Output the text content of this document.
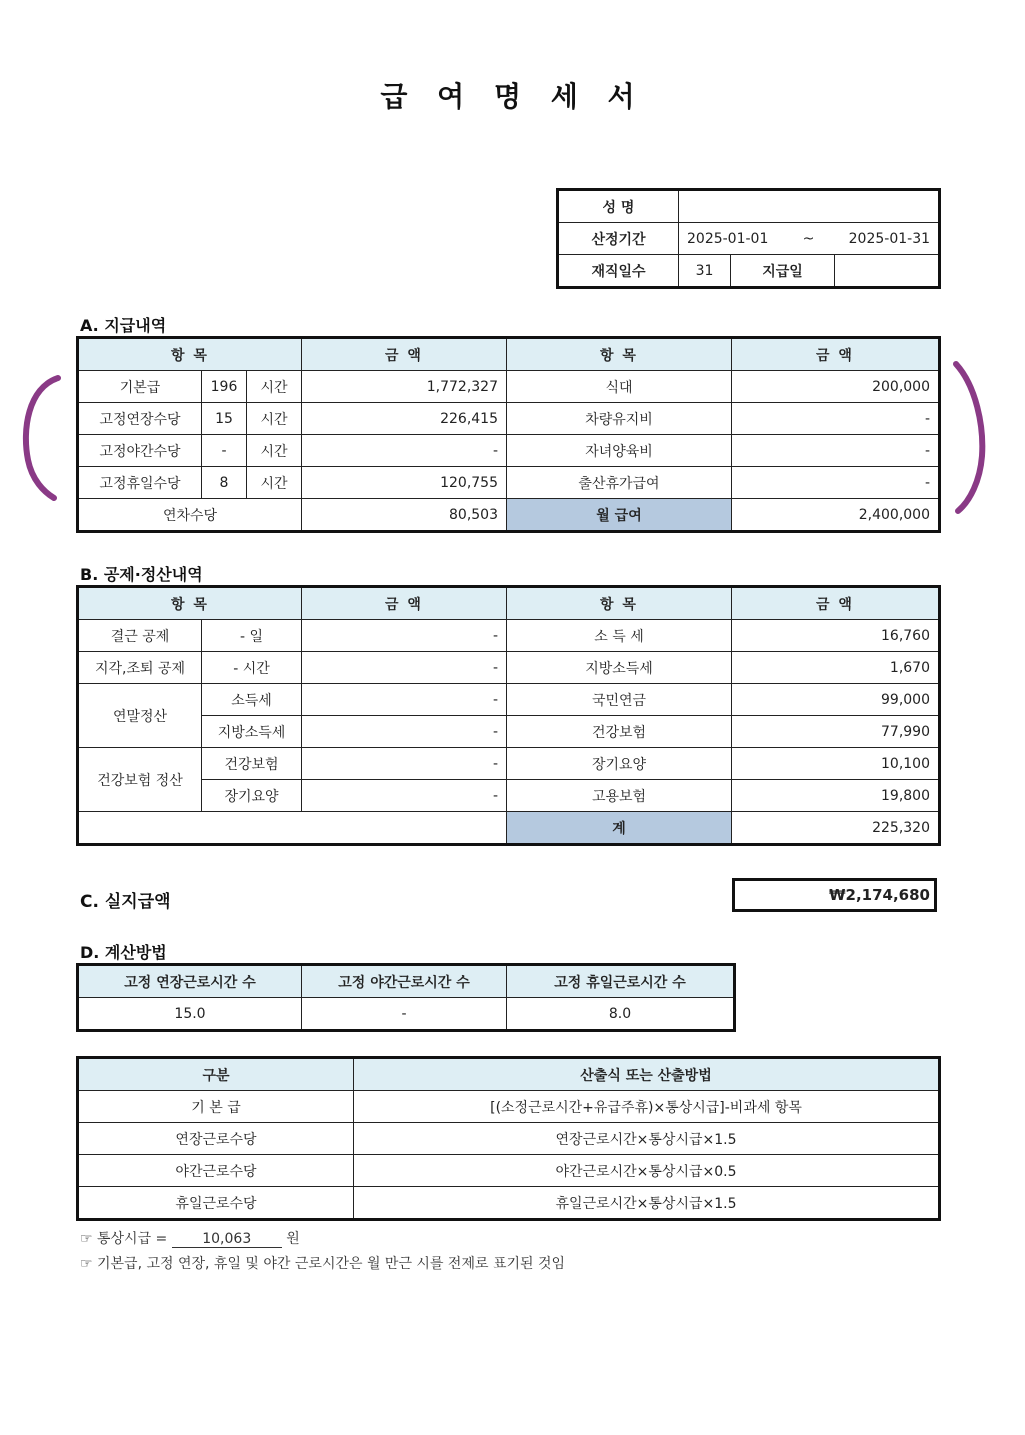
급 여 명 세 서
성 명			
산정기간	2025-01-01 ~ 2025-01-31		

재직일수	31	지급일	
A. 지급내역
항 목			금 액	항 목	금 액
기본급	196	시간	1,772,327	식대	200,000
고정연장수당	15	시간	226,415	차량유지비	-
고정야간수당	-	시간	-	자녀양육비	-
고정휴일수당	8	시간	120,755	출산휴가급여	-
연차수당			80,503	월 급여	2,400,000
B. 공제·정산내역
항 목		금 액	항 목	금 액
결근 공제	- 일	-	소 득 세	16,760
지각,조퇴 공제	- 시간	-	지방소득세	1,670
연말정산	소득세	-	국민연금	99,000
	지방소득세	-	건강보험	77,990
건강보험 정산	건강보험	-	장기요양	10,100
	장기요양	-	고용보험	19,800
			계	225,320
C. 실지급액	₩2,174,680
D. 계산방법
고정 연장근로시간 수	고정 야간근로시간 수	고정 휴일근로시간 수
15.0	-	8.0
구분	산출식 또는 산출방법
기 본 급	[(소정근로시간+유급주휴)×통상시급]-비과세 항목
연장근로수당	연장근로시간×통상시급×1.5
야간근로수당	야간근로시간×통상시급×0.5
휴일근로수당	휴일근로시간×통상시급×1.5
☞ 통상시급 = 10,063 원
☞ 기본급, 고정 연장, 휴일 및 야간 근로시간은 월 만근 시를 전제로 표기된 것임
